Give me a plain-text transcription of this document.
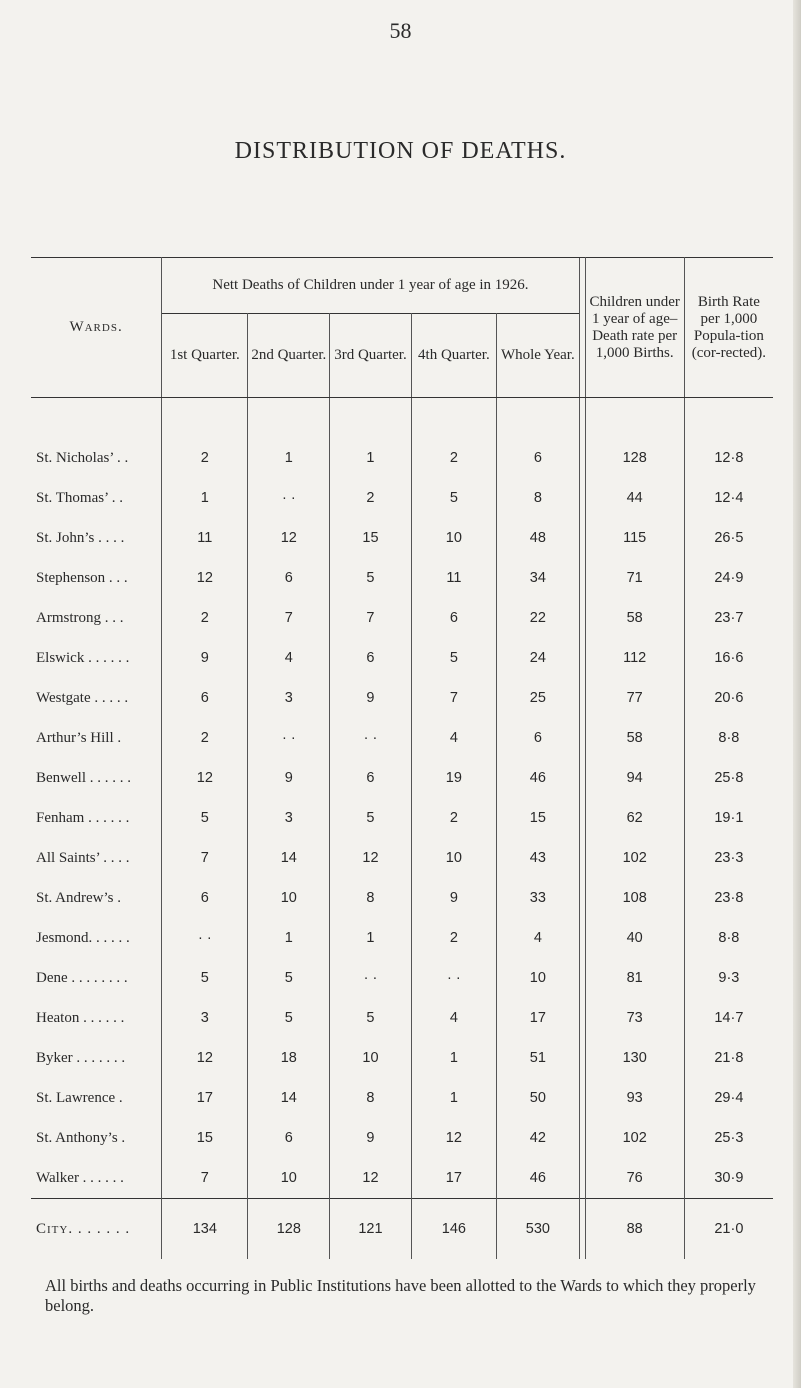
58
DISTRIBUTION OF DEATHS.
Wards.	Nett Deaths of Children under 1 year of age in 1926.						Children under 1 year of age– Death rate per 1,000 Births.	Birth Rate per 1,000 Popula-tion (cor-rected).
	1st Quarter.	2nd Quarter.	3rd Quarter.	4th Quarter.	Whole Year.			

St. Nicholas’ . .	2	1	1	2	6		128	12·8
St. Thomas’ . .	1	· ·	2	5	8		44	12·4
St. John’s . . . .	11	12	15	10	48		115	26·5
Stephenson . . .	12	6	5	11	34		71	24·9
Armstrong . . .	2	7	7	6	22		58	23·7
Elswick . . . . . .	9	4	6	5	24		112	16·6
Westgate . . . . .	6	3	9	7	25		77	20·6
Arthur’s Hill .	2	· ·	· ·	4	6		58	8·8
Benwell . . . . . .	12	9	6	19	46		94	25·8
Fenham . . . . . .	5	3	5	2	15		62	19·1
All Saints’ . . . .	7	14	12	10	43		102	23·3
St. Andrew’s .	6	10	8	9	33		108	23·8
Jesmond. . . . . .	· ·	1	1	2	4		40	8·8
Dene . . . . . . . .	5	5	· ·	· ·	10		81	9·3
Heaton . . . . . .	3	5	5	4	17		73	14·7
Byker . . . . . . .	12	18	10	1	51		130	21·8
St. Lawrence .	17	14	8	1	50		93	29·4
St. Anthony’s .	15	6	9	12	42		102	25·3
Walker . . . . . .	7	10	12	17	46		76	30·9
City. . . . . . .	134	128	121	146	530		88	21·0
All births and deaths occurring in Public Institutions have been allotted to the Wards to which they properly belong.
